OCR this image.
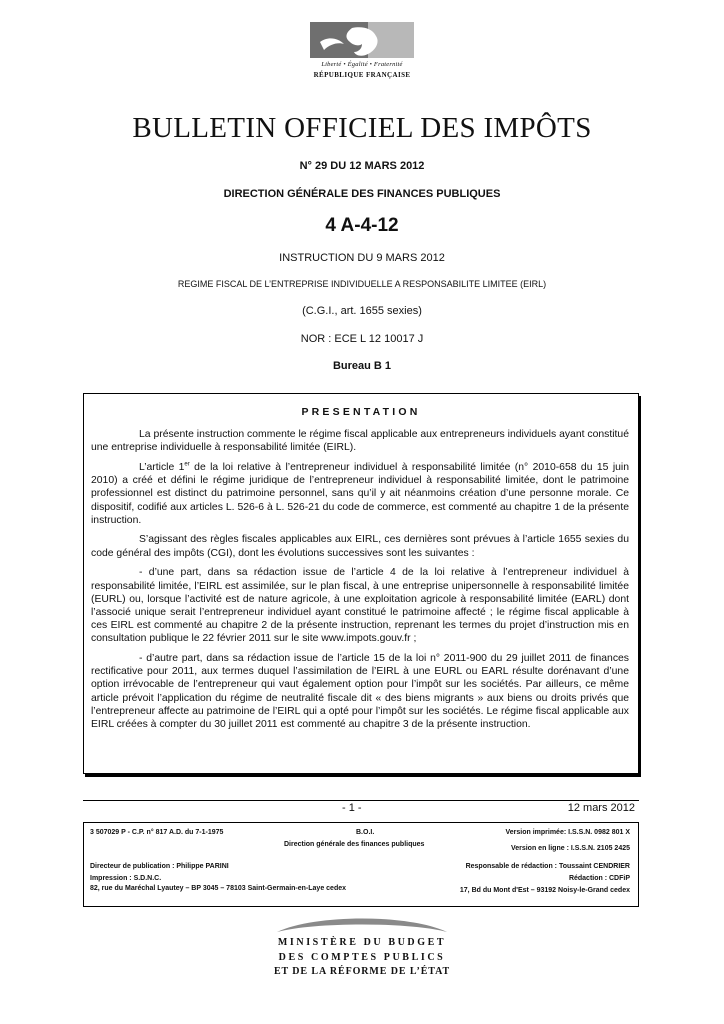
Liberté • Égalité • Fraternité
RÉPUBLIQUE FRANÇAISE
BULLETIN OFFICIEL DES IMPÔTS
N° 29 DU 12 MARS 2012
DIRECTION GÉNÉRALE DES FINANCES PUBLIQUES
4 A-4-12
INSTRUCTION DU 9 MARS 2012
REGIME FISCAL DE L’ENTREPRISE INDIVIDUELLE A RESPONSABILITE LIMITEE (EIRL)
(C.G.I., art. 1655 sexies)
NOR : ECE L 12 10017 J
Bureau B 1
PRESENTATION

La présente instruction commente le régime fiscal applicable aux entrepreneurs individuels ayant constitué une entreprise individuelle à responsabilité limitée (EIRL).

L’article 1er de la loi relative à l’entrepreneur individuel à responsabilité limitée (n° 2010-658 du 15 juin 2010) a créé et défini le régime juridique de l’entrepreneur individuel à responsabilité limitée, dont le patrimoine professionnel est distinct du patrimoine personnel, sans qu’il y ait néanmoins création d’une personne morale. Ce dispositif, codifié aux articles L. 526-6 à L. 526-21 du code de commerce, est commenté au chapitre 1 de la présente instruction.

S’agissant des règles fiscales applicables aux EIRL, ces dernières sont prévues à l’article 1655 sexies du code général des impôts (CGI), dont les évolutions successives sont les suivantes :

- d’une part, dans sa rédaction issue de l’article 4 de la loi relative à l’entrepreneur individuel à responsabilité limitée, l’EIRL est assimilée, sur le plan fiscal, à une entreprise unipersonnelle à responsabilité limitée (EURL) ou, lorsque l’activité est de nature agricole, à une exploitation agricole à responsabilité limitée (EARL) dont l’associé unique serait l’entrepreneur individuel ayant constitué le patrimoine affecté ; le régime fiscal applicable à ces EIRL est commenté au chapitre 2 de la présente instruction, reprenant les termes du projet d’instruction mis en consultation publique le 22 février 2011 sur le site www.impots.gouv.fr ;

- d’autre part, dans sa rédaction issue de l’article 15 de la loi n° 2011-900 du 29 juillet 2011 de finances rectificative pour 2011, aux termes duquel l’assimilation de l’EIRL à une EURL ou EARL résulte dorénavant d’une option irrévocable de l’entrepreneur qui vaut également option pour l’impôt sur les sociétés. Par ailleurs, ce même article prévoit l’application du régime de neutralité fiscale dit « des biens migrants » aux biens ou droits privés que l’entrepreneur affecte au patrimoine de l’EIRL qui a opté pour l’impôt sur les sociétés. Le régime fiscal applicable aux EIRL créées à compter du 30 juillet 2011 est commenté au chapitre 3 de la présente instruction.

- 1 -	12 mars 2012
3 507029 P - C.P. n° 817 A.D. du 7-1-1975	B.O.I.
Direction générale des finances publiques
Version imprimée: I.S.S.N. 0982 801 X
Version en ligne : I.S.S.N. 2105 2425
Directeur de publication : Philippe PARINI	Responsable de rédaction : Toussaint CENDRIER
Impression : S.D.N.C.
82, rue du Maréchal Lyautey – BP 3045 – 78103 Saint-Germain-en-Laye cedex
Rédaction : CDFiP
17, Bd du Mont d'Est – 93192 Noisy-le-Grand cedex
MINISTÈRE DU BUDGET
DES COMPTES PUBLICS
ET DE LA RÉFORME DE L’ÉTAT
